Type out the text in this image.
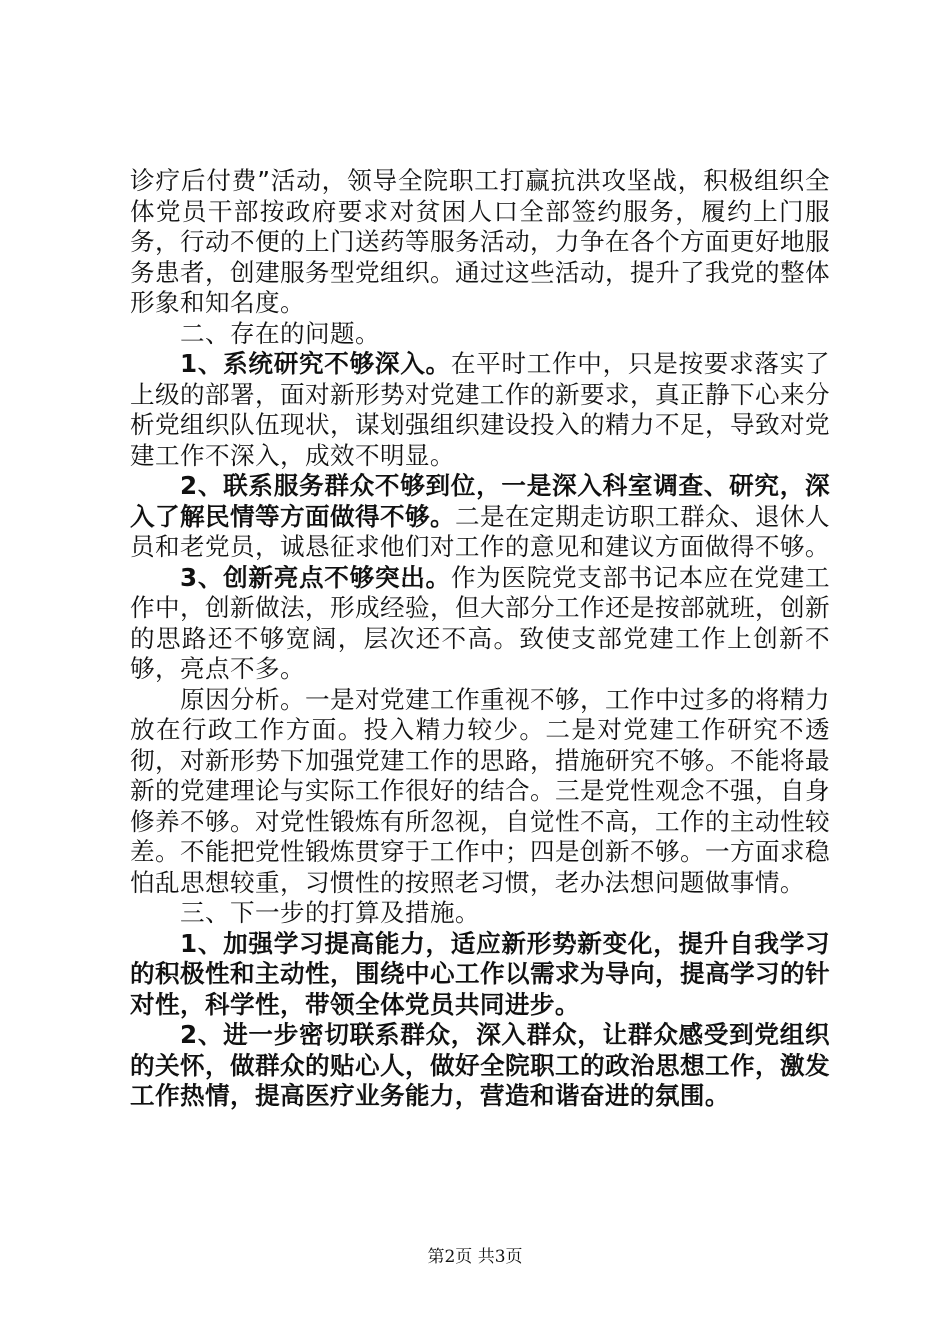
诊疗后付费”活动，领导全院职工打赢抗洪攻坚战，积极组织全体党员干部按政府要求对贫困人口全部签约服务，履约上门服务，行动不便的上门送药等服务活动，力争在各个方面更好地服务患者，创建服务型党组织。通过这些活动，提升了我党的整体形象和知名度。

二、存在的问题。

1、系统研究不够深入。在平时工作中，只是按要求落实了上级的部署，面对新形势对党建工作的新要求，真正静下心来分析党组织队伍现状，谋划强组织建设投入的精力不足，导致对党建工作不深入，成效不明显。

2、联系服务群众不够到位，一是深入科室调查、研究，深入了解民情等方面做得不够。二是在定期走访职工群众、退休人员和老党员，诚恳征求他们对工作的意见和建议方面做得不够。

3、创新亮点不够突出。作为医院党支部书记本应在党建工作中，创新做法，形成经验，但大部分工作还是按部就班，创新的思路还不够宽阔，层次还不高。致使支部党建工作上创新不够，亮点不多。

原因分析。一是对党建工作重视不够，工作中过多的将精力放在行政工作方面。投入精力较少。二是对党建工作研究不透彻，对新形势下加强党建工作的思路，措施研究不够。不能将最新的党建理论与实际工作很好的结合。三是党性观念不强，自身修养不够。对党性锻炼有所忽视，自觉性不高，工作的主动性较差。不能把党性锻炼贯穿于工作中；四是创新不够。一方面求稳怕乱思想较重，习惯性的按照老习惯，老办法想问题做事情。

三、下一步的打算及措施。

1、加强学习提高能力，适应新形势新变化，提升自我学习的积极性和主动性，围绕中心工作以需求为导向，提高学习的针对性，科学性，带领全体党员共同进步。

2、进一步密切联系群众，深入群众，让群众感受到党组织的关怀，做群众的贴心人，做好全院职工的政治思想工作，激发工作热情，提高医疗业务能力，营造和谐奋进的氛围。

第2页 共3页
